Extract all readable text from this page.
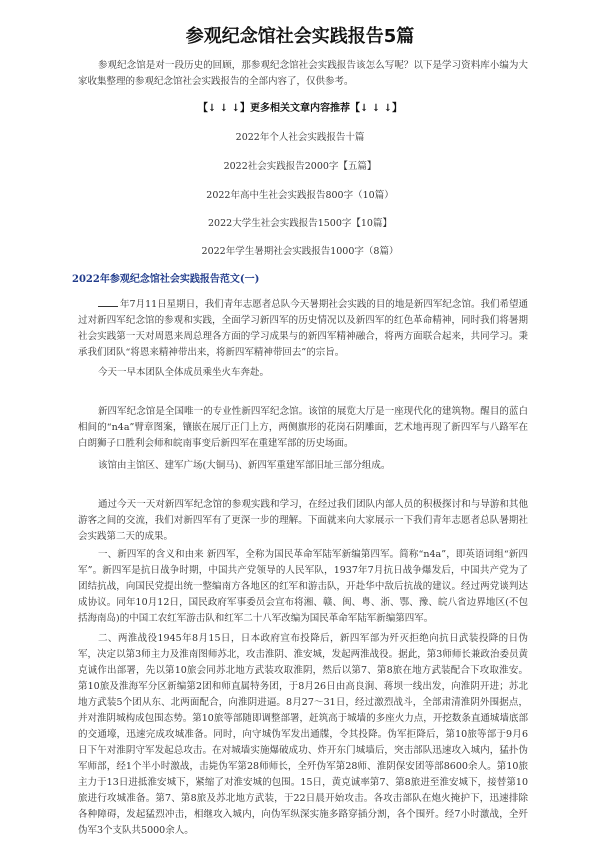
参观纪念馆社会实践报告5篇

参观纪念馆是对一段历史的回顾，那参观纪念馆社会实践报告该怎么写呢？以下是学习资料库小编为大家收集整理的参观纪念馆社会实践报告的全部内容了，仅供参考。

【↓ ↓ ↓】更多相关文章内容推荐【↓ ↓ ↓】
2022年个人社会实践报告十篇
2022社会实践报告2000字【五篇】
2022年高中生社会实践报告800字（10篇）
2022大学生社会实践报告1500字【10篇】
2022年学生暑期社会实践报告1000字（8篇）
2022年参观纪念馆社会实践报告范文(一)

年7月11日星期日，我们青年志愿者总队今天暑期社会实践的目的地是新四军纪念馆。我们希望通过对新四军纪念馆的参观和实践，全面学习新四军的历史情况以及新四军的红色革命精神，同时我们将暑期社会实践第一天对周恩来周总理各方面的学习成果与的新四军精神融合，将两方面联合起来，共同学习。秉承我们团队“将恩来精神带出来，将新四军精神带回去”的宗旨。

今天一早本团队全体成员乘坐火车奔赴。

新四军纪念馆是全国唯一的专业性新四军纪念馆。该馆的展览大厅是一座现代化的建筑物。醒目的蓝白相间的“n4a”臂章图案，镶嵌在展厅正门上方，两侧旗形的花岗石阴雕面，艺术地再现了新四军与八路军在白朗狮子口胜利会师和皖南事变后新四军在重建军部的历史场面。

该馆由主馆区、建军广场(大铜马)、新四军重建军部旧址三部分组成。

通过今天一天对新四军纪念馆的参观实践和学习，在经过我们团队内部人员的积极探讨和与导游和其他游客之间的交流，我们对新四军有了更深一步的理解。下面就来向大家展示一下我们青年志愿者总队暑期社会实践第二天的成果。

一、新四军的含义和由来 新四军，全称为国民革命军陆军新编第四军。简称“n4a”，即英语词组“新四军”。新四军是抗日战争时期，中国共产党领导的人民军队，1937年7月抗日战争爆发后，中国共产党为了团结抗战，向国民党提出统一整编南方各地区的红军和游击队，开赴华中敌后抗战的建议。经过两党谈判达成协议。同年10月12日，国民政府军事委员会宣布将湘、赣、闽、粤、浙、鄂、豫、皖八省边界地区(不包括海南岛)的中国工农红军游击队和红军二十八军改编为国民革命军陆军新编第四军。

二、两淮战役1945年8月15日，日本政府宣布投降后，新四军部为歼灭拒绝向抗日武装投降的日伪军，决定以第3师主力及淮南图师苏北，攻击淮阴、淮安城，发起两淮战役。据此，第3师师长兼政治委员黄克诚作出部署，先以第10旅会同苏北地方武装攻取淮阴，然后以第7、第8旅在地方武装配合下攻取淮安。第10旅及淮海军分区新编第2团和师直属特务团，于8月26日由高良涧、蒋坝一线出发，向淮阴开进；苏北地方武装5个团从东、北两面配合，向淮阴进逼。8月27～31日，经过激烈战斗，全部肃清淮阴外围据点，并对淮阴城构成包围态势。第10旅等部随即调整部署，赶筑高于城墙的多座火力点，开挖数条直通城墙底部的交通壕，迅速完成攻城准备。同时，向守城伪军发出通牒，令其投降。伪军拒降后，第10旅等部于9月6日下午对淮阴守军发起总攻击。在对城墙实施爆破成功、炸开东门城墙后，突击部队迅速攻入城内，猛扑伪军师部，经1个半小时激战，击毙伪军第28师师长，全歼伪军第28师、淮阴保安团等部8600余人。第10旅主力于13日进抵淮安城下，紧缩了对淮安城的包围。15日，黄克诚率第7、第8旅进至淮安城下，接替第10旅进行攻城准备。第7、第8旅及苏北地方武装，于22日晨开始攻击。各攻击部队在炮火掩护下，迅速排除各种障碍，发起猛烈冲击，相继攻入城内，向伪军纵深实施多路穿插分割，各个围歼。经7小时激战，全歼伪军3个支队共5000余人。
